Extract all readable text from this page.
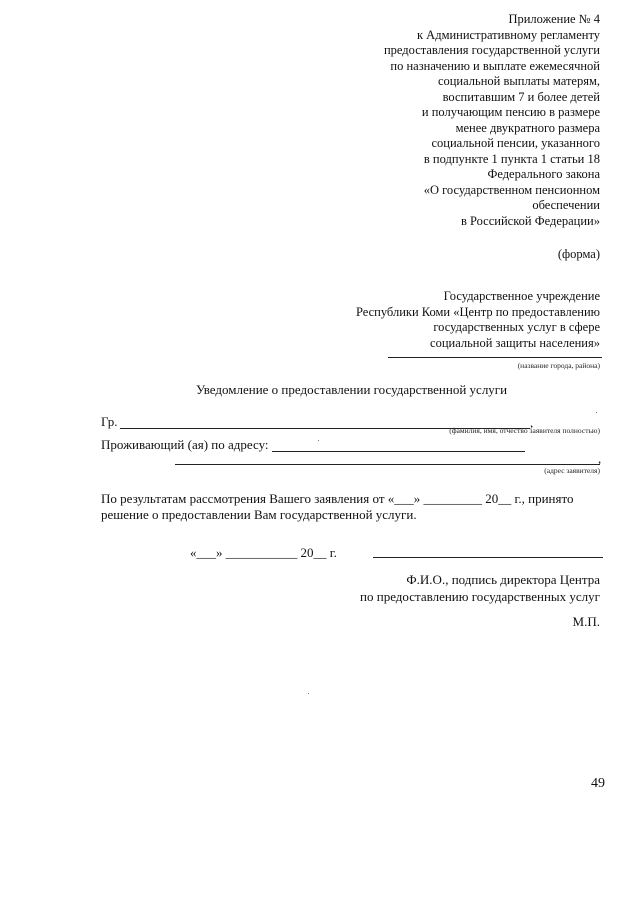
Приложение № 4
к Административному регламенту
предоставления государственной услуги
по назначению и выплате ежемесячной
социальной выплаты матерям,
воспитавшим 7 и более детей
и получающим пенсию в размере
менее двукратного размера
социальной пенсии, указанного
в подпункте 1 пункта 1 статьи 18
Федерального закона
«О государственном пенсионном
обеспечении
в Российской Федерации»
(форма)
Государственное учреждение
Республики Коми «Центр по предоставлению
государственных услуг в сфере
социальной защиты населения»
(название города, района)
Уведомление о предоставлении государственной услуги
Гр.	,
(фамилия, имя, отчество заявителя полностью)
Проживающий (ая) по адресу:
,
(адрес заявителя)
По результатам рассмотрения Вашего заявления от «___» _________ 20__ г., принято
решение о предоставлении Вам государственной услуги.
«___» ___________ 20__ г.
Ф.И.О., подпись директора Центра
по предоставлению государственных услуг
М.П.
49
